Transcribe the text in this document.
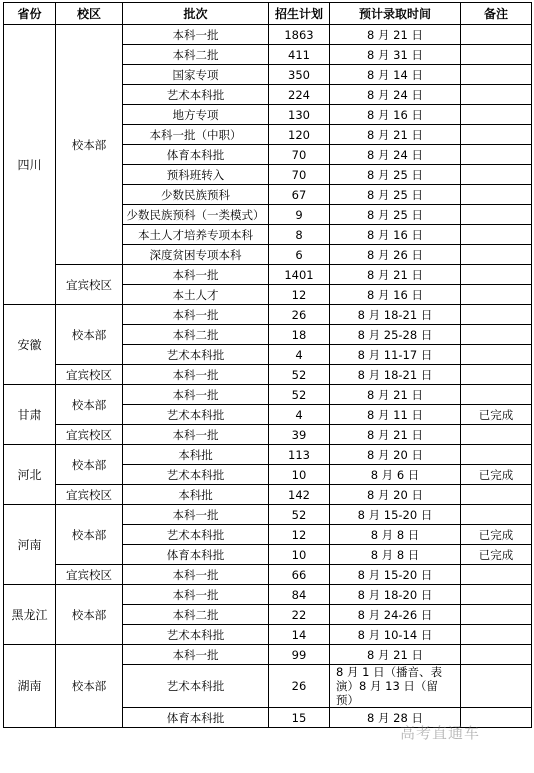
省份	校区	批次	招生计划	预计录取时间	备注
四川	校本部	本科一批	1863	8 月 21 日	
		本科二批	411	8 月 31 日	
		国家专项	350	8 月 14 日	
		艺术本科批	224	8 月 24 日	
		地方专项	130	8 月 16 日	
		本科一批（中职）	120	8 月 21 日	
		体育本科批	70	8 月 24 日	
		预科班转入	70	8 月 25 日	
		少数民族预科	67	8 月 25 日	
		少数民族预科（一类模式）	9	8 月 25 日	
		本土人才培养专项本科	8	8 月 16 日	
		深度贫困专项本科	6	8 月 26 日	
	宜宾校区	本科一批	1401	8 月 21 日	
		本土人才	12	8 月 16 日	
安徽	校本部	本科一批	26	8 月 18-21 日	
		本科二批	18	8 月 25-28 日	
		艺术本科批	4	8 月 11-17 日	
	宜宾校区	本科一批	52	8 月 18-21 日	
甘肃	校本部	本科一批	52	8 月 21 日	
		艺术本科批	4	8 月 11 日	已完成
	宜宾校区	本科一批	39	8 月 21 日	
河北	校本部	本科批	113	8 月 20 日	
		艺术本科批	10	8 月 6 日	已完成
	宜宾校区	本科批	142	8 月 20 日	
河南	校本部	本科一批	52	8 月 15-20 日	
		艺术本科批	12	8 月 8 日	已完成
		体育本科批	10	8 月 8 日	已完成
	宜宾校区	本科一批	66	8 月 15-20 日	
黑龙江	校本部	本科一批	84	8 月 18-20 日	
		本科二批	22	8 月 24-26 日	
		艺术本科批	14	8 月 10-14 日	
湖南	校本部	本科一批	99	8 月 21 日	
		艺术本科批	26	8 月 1 日（播音、表演）8 月 13 日（留 预）	
		体育本科批	15	8 月 28 日	
高考直通车
